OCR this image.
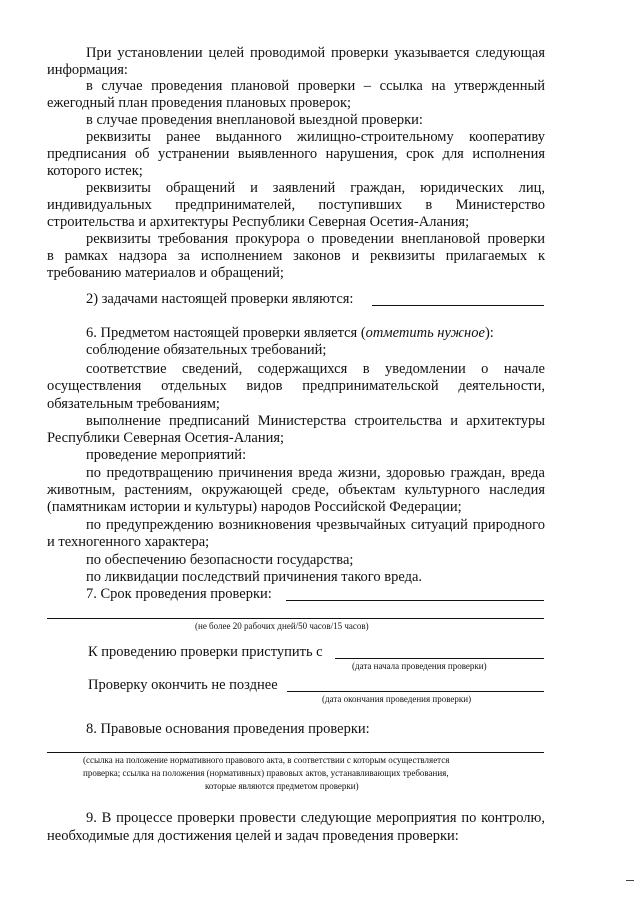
При установлении целей проводимой проверки указывается следующая
информация:
в случае проведения плановой проверки – ссылка на утвержденный
ежегодный план проведения плановых проверок;
в случае проведения внеплановой выездной проверки:
реквизиты ранее выданного жилищно-строительному кооперативу
предписания об устранении выявленного нарушения, срок для исполнения
которого истек;
реквизиты обращений и заявлений граждан, юридических лиц,
индивидуальных предпринимателей, поступивших в Министерство
строительства и архитектуры Республики Северная Осетия-Алания;
реквизиты требования прокурора о проведении внеплановой проверки
в рамках надзора за исполнением законов и реквизиты прилагаемых к
требованию материалов и обращений;
2) задачами настоящей проверки являются:
6. Предметом настоящей проверки является (отметить нужное):
соблюдение обязательных требований;
соответствие сведений, содержащихся в уведомлении о начале
осуществления отдельных видов предпринимательской деятельности,
обязательным требованиям;
выполнение предписаний Министерства строительства и архитектуры
Республики Северная Осетия-Алания;
проведение мероприятий:
по предотвращению причинения вреда жизни, здоровью граждан, вреда
животным, растениям, окружающей среде, объектам культурного наследия
(памятникам истории и культуры) народов Российской Федерации;
по предупреждению возникновения чрезвычайных ситуаций природного
и техногенного характера;
по обеспечению безопасности государства;
по ликвидации последствий причинения такого вреда.
7. Срок проведения проверки:
(не более 20 рабочих дней/50 часов/15 часов)
К проведению проверки приступить с
(дата начала проведения проверки)
Проверку окончить не позднее
(дата окончания проведения проверки)
8. Правовые основания проведения проверки:
(ссылка на положение нормативного правового акта, в соответствии с которым осуществляется
проверка; ссылка на положения (нормативных) правовых актов, устанавливающих требования,
которые являются предметом проверки)
9. В процессе проверки провести следующие мероприятия по контролю,
необходимые для достижения целей и задач проведения проверки:
